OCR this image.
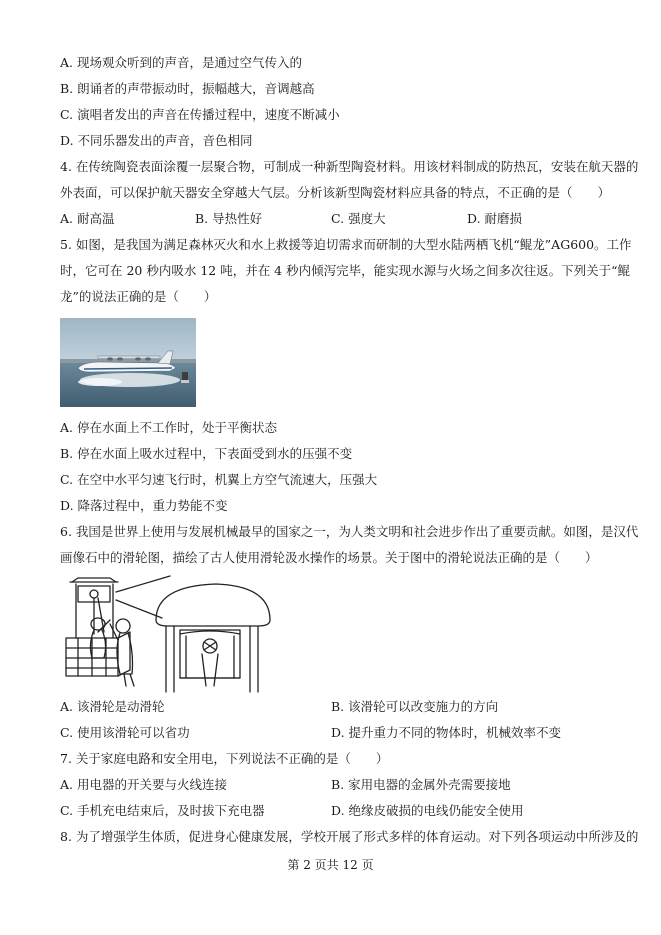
A. 现场观众听到的声音，是通过空气传入的
B. 朗诵者的声带振动时，振幅越大，音调越高
C. 演唱者发出的声音在传播过程中，速度不断减小
D. 不同乐器发出的声音，音色相同
4. 在传统陶瓷表面涂覆一层聚合物，可制成一种新型陶瓷材料。用该材料制成的防热瓦，安装在航天器的
外表面，可以保护航天器安全穿越大气层。分析该新型陶瓷材料应具备的特点，不正确的是（　　）
A. 耐高温	B. 导热性好	C. 强度大	D. 耐磨损
5. 如图，是我国为满足森林灭火和水上救援等迫切需求而研制的大型水陆两栖飞机“鲲龙”AG600。工作
时，它可在 20 秒内吸水 12 吨，并在 4 秒内倾泻完毕，能实现水源与火场之间多次往返。下列关于“鲲
龙”的说法正确的是（　　）
A. 停在水面上不工作时，处于平衡状态
B. 停在水面上吸水过程中，下表面受到水的压强不变
C. 在空中水平匀速飞行时，机翼上方空气流速大，压强大
D. 降落过程中，重力势能不变
6. 我国是世界上使用与发展机械最早的国家之一，为人类文明和社会进步作出了重要贡献。如图，是汉代
画像石中的滑轮图，描绘了古人使用滑轮汲水操作的场景。关于图中的滑轮说法正确的是（　　）
A. 该滑轮是动滑轮	B. 该滑轮可以改变施力的方向
C. 使用该滑轮可以省功	D. 提升重力不同的物体时，机械效率不变
7. 关于家庭电路和安全用电，下列说法不正确的是（　　）
A. 用电器的开关要与火线连接	B. 家用电器的金属外壳需要接地
C. 手机充电结束后，及时拔下充电器	D. 绝缘皮破损的电线仍能安全使用
8. 为了增强学生体质，促进身心健康发展，学校开展了形式多样的体育运动。对下列各项运动中所涉及的
第 2 页共 12 页
